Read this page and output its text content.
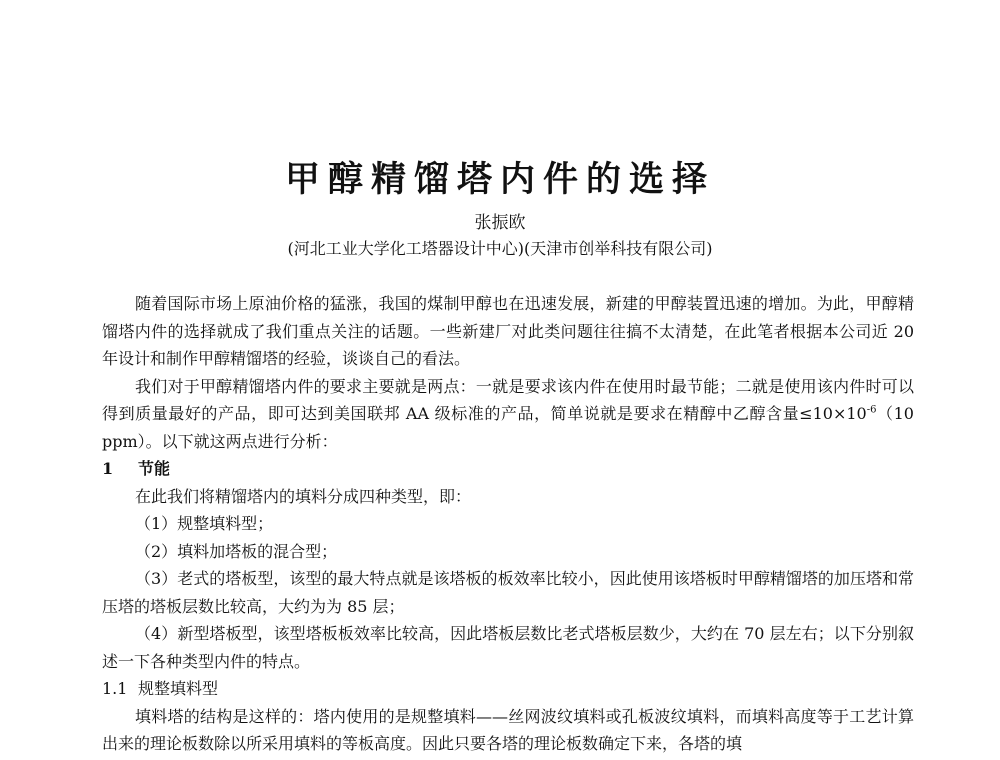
甲醇精馏塔内件的选择
张振欧
(河北工业大学化工塔器设计中心)(天津市创举科技有限公司)

随着国际市场上原油价格的猛涨，我国的煤制甲醇也在迅速发展，新建的甲醇装置迅速的增加。为此，甲醇精馏塔内件的选择就成了我们重点关注的话题。一些新建厂对此类问题往往搞不太清楚，在此笔者根据本公司近 20 年设计和制作甲醇精馏塔的经验，谈谈自己的看法。

我们对于甲醇精馏塔内件的要求主要就是两点：一就是要求该内件在使用时最节能；二就是使用该内件时可以得到质量最好的产品，即可达到美国联邦 AA 级标准的产品，简单说就是要求在精醇中乙醇含量$\le 10\times 10^{-6}(10$ ppm）。以下就这两点进行分析：

1 节能

在此我们将精馏塔内的填料分成四种类型，即：

（1）规整填料型；

（2）填料加塔板的混合型；

（3）老式的塔板型，该型的最大特点就是该塔板的板效率比较小，因此使用该塔板时甲醇精馏塔的加压塔和常压塔的塔板层数比较高，大约为为 85 层；

（4）新型塔板型，该型塔板板效率比较高，因此塔板层数比老式塔板层数少，大约在 70 层左右；以下分别叙述一下各种类型内件的特点。

1.1 规整填料型

填料塔的结构是这样的：塔内使用的是规整填料——丝网波纹填料或孔板波纹填料，而填料高度等于工艺计算出来的理论板数除以所采用填料的等板高度。因此只要各塔的理论板数确定下来，各塔的填
